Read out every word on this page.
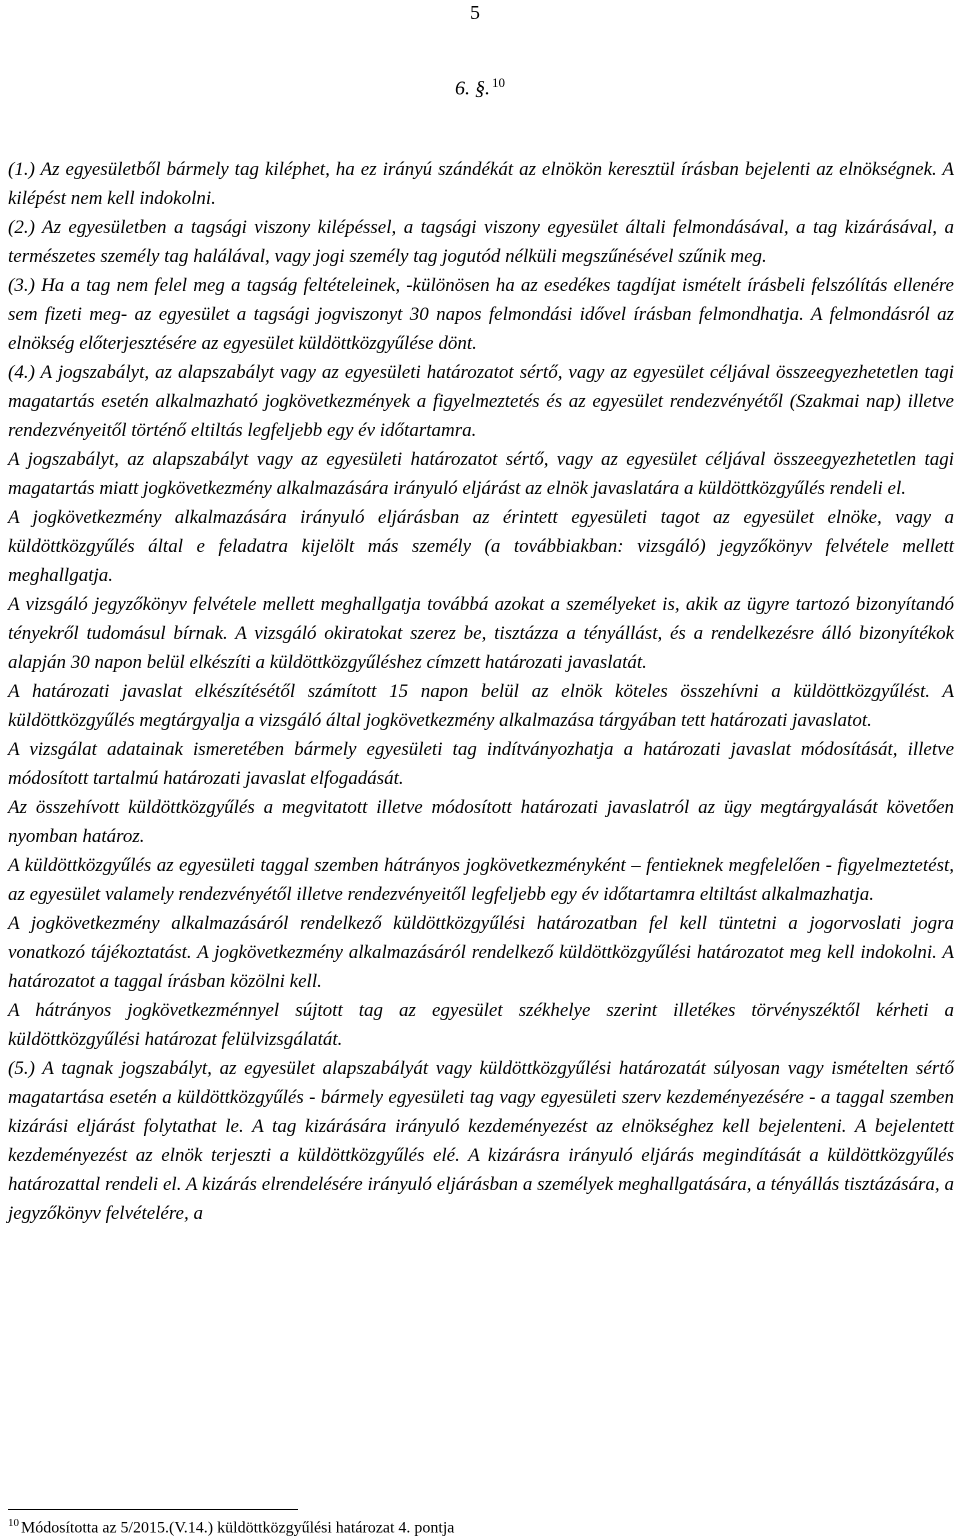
5
6. §. $^{10}$

(1.) Az egyesületből bármely tag kiléphet, ha ez irányú szándékát az elnökön keresztül írásban bejelenti az elnökségnek. A kilépést nem kell indokolni.

(2.) Az egyesületben a tagsági viszony kilépéssel, a tagsági viszony egyesület általi felmondásával, a tag kizárásával, a természetes személy tag halálával, vagy jogi személy tag jogutód nélküli megszűnésével szűnik meg.

(3.) Ha a tag nem felel meg a tagság feltételeinek, -különösen ha az esedékes tagdíjat ismételt írásbeli felszólítás ellenére sem fizeti meg- az egyesület a tagsági jogviszonyt 30 napos felmondási idővel írásban felmondhatja. A felmondásról az elnökség előterjesztésére az egyesület küldöttközgyűlése dönt.

(4.) A jogszabályt, az alapszabályt vagy az egyesületi határozatot sértő, vagy az egyesület céljával összeegyezhetetlen tagi magatartás esetén alkalmazható jogkövetkezmények a figyelmeztetés és az egyesület rendezvényétől (Szakmai nap) illetve rendezvényeitől történő eltiltás legfeljebb egy év időtartamra.

A jogszabályt, az alapszabályt vagy az egyesületi határozatot sértő, vagy az egyesület céljával összeegyezhetetlen tagi magatartás miatt jogkövetkezmény alkalmazására irányuló eljárást az elnök javaslatára a küldöttközgyűlés rendeli el.

A jogkövetkezmény alkalmazására irányuló eljárásban az érintett egyesületi tagot az egyesület elnöke, vagy a küldöttközgyűlés által e feladatra kijelölt más személy (a továbbiakban: vizsgáló) jegyzőkönyv felvétele mellett meghallgatja.

A vizsgáló jegyzőkönyv felvétele mellett meghallgatja továbbá azokat a személyeket is, akik az ügyre tartozó bizonyítandó tényekről tudomásul bírnak. A vizsgáló okiratokat szerez be, tisztázza a tényállást, és a rendelkezésre álló bizonyítékok alapján 30 napon belül elkészíti a küldöttközgyűléshez címzett határozati javaslatát.

A határozati javaslat elkészítésétől számított 15 napon belül az elnök köteles összehívni a küldöttközgyűlést. A küldöttközgyűlés megtárgyalja a vizsgáló által jogkövetkezmény alkalmazása tárgyában tett határozati javaslatot.

A vizsgálat adatainak ismeretében bármely egyesületi tag indítványozhatja a határozati javaslat módosítását, illetve módosított tartalmú határozati javaslat elfogadását.

Az összehívott küldöttközgyűlés a megvitatott illetve módosított határozati javaslatról az ügy megtárgyalását követően nyomban határoz.

A küldöttközgyűlés az egyesületi taggal szemben hátrányos jogkövetkezményként – fentieknek megfelelően - figyelmeztetést, az egyesület valamely rendezvényétől illetve rendezvényeitől legfeljebb egy év időtartamra eltiltást alkalmazhatja.

A jogkövetkezmény alkalmazásáról rendelkező küldöttközgyűlési határozatban fel kell tüntetni a jogorvoslati jogra vonatkozó tájékoztatást. A jogkövetkezmény alkalmazásáról rendelkező küldöttközgyűlési határozatot meg kell indokolni. A határozatot a taggal írásban közölni kell.

A hátrányos jogkövetkezménnyel sújtott tag az egyesület székhelye szerint illetékes törvényszéktől kérheti a küldöttközgyűlési határozat felülvizsgálatát.

(5.) A tagnak jogszabályt, az egyesület alapszabályát vagy küldöttközgyűlési határozatát súlyosan vagy ismételten sértő magatartása esetén a küldöttközgyűlés - bármely egyesületi tag vagy egyesületi szerv kezdeményezésére - a taggal szemben kizárási eljárást folytathat le. A tag kizárására irányuló kezdeményezést az elnökséghez kell bejelenteni. A bejelentett kezdeményezést az elnök terjeszti a küldöttközgyűlés elé. A kizárásra irányuló eljárás megindítását a küldöttközgyűlés határozattal rendeli el. A kizárás elrendelésére irányuló eljárásban a személyek meghallgatására, a tényállás tisztázására, a jegyzőkönyv felvételére, a

$^{10}$ Módosította az 5/2015.(V.14.) küldöttközgyűlési határozat 4. pontja
